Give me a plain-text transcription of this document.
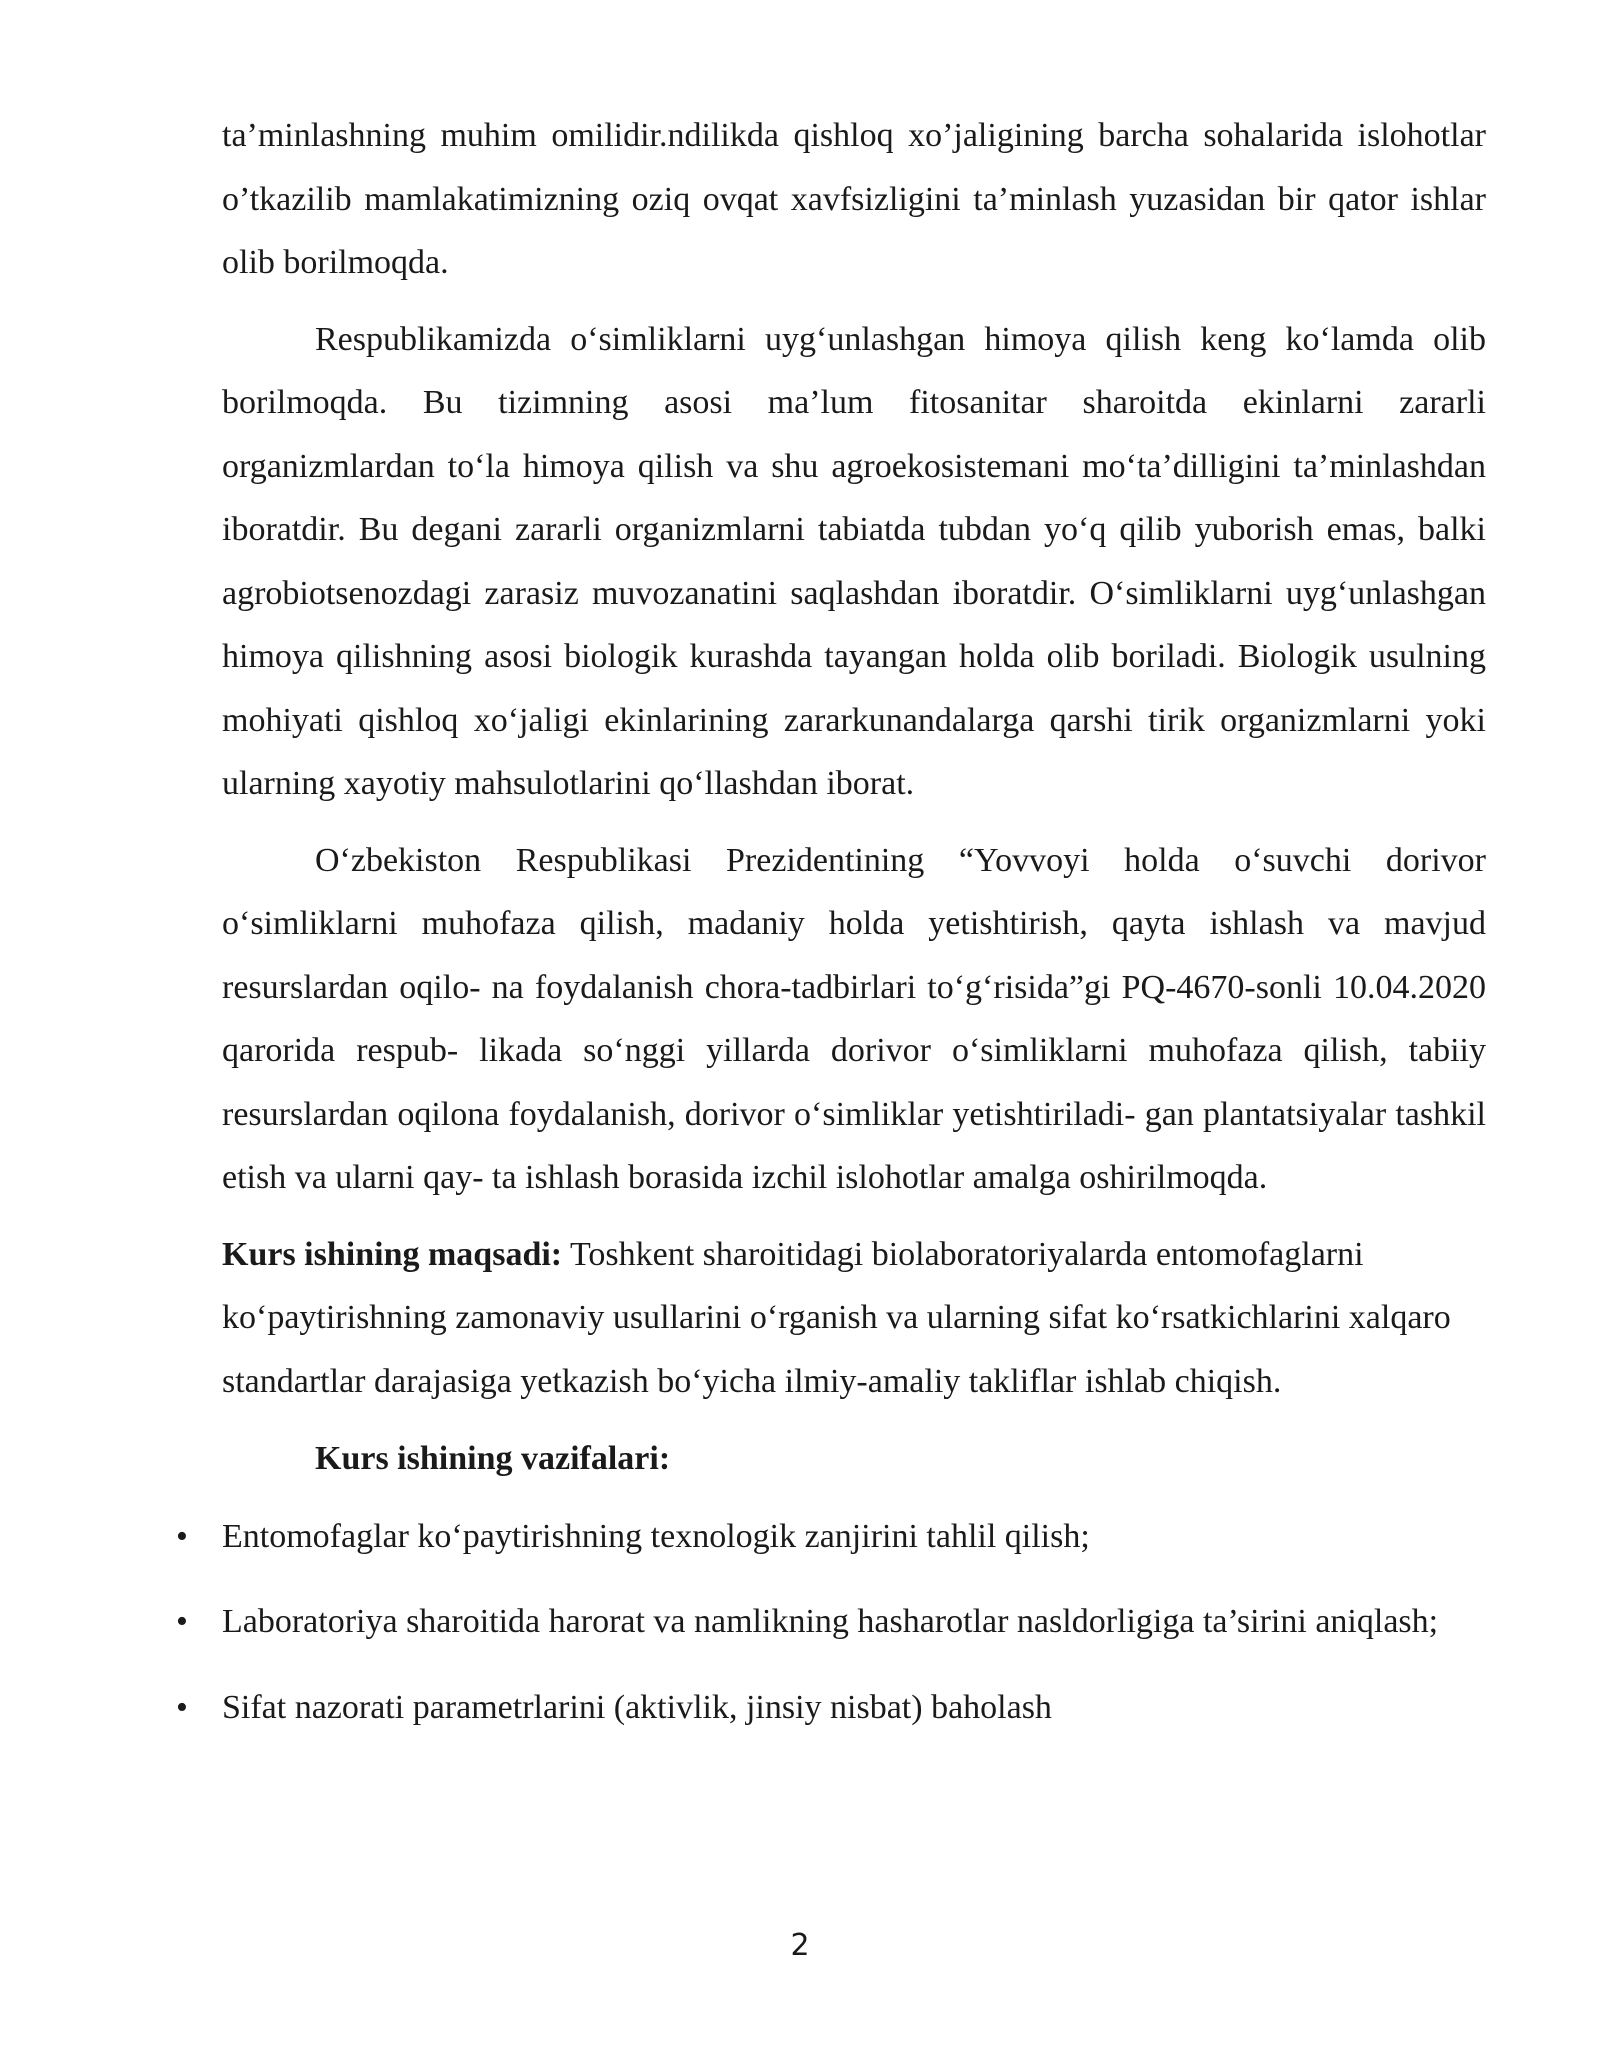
ta’minlashning muhim omilidir.ndilikda qishloq xo’jaligining barcha sohalarida islohotlar o’tkazilib mamlakatimizning oziq ovqat xavfsizligini ta’minlash yuzasidan bir qator ishlar olib borilmoqda.

Respublikamizda o‘simliklarni uyg‘unlashgan himoya qilish keng ko‘lamda olib borilmoqda. Bu tizimning asosi ma’lum fitosanitar sharoitda ekinlarni zararli organizmlardan to‘la himoya qilish va shu agroekosistemani mo‘ta’dilligini ta’minlashdan iboratdir. Bu degani zararli organizmlarni tabiatda tubdan yo‘q qilib yuborish emas, balki agrobiotsenozdagi zarasiz muvozanatini saqlashdan iboratdir. O‘simliklarni uyg‘unlashgan himoya qilishning asosi biologik kurashda tayangan holda olib boriladi. Biologik usulning mohiyati qishloq xo‘jaligi ekinlarining zararkunandalarga qarshi tirik organizmlarni yoki ularning xayotiy mahsulotlarini qo‘llashdan iborat.

O‘zbekiston Respublikasi Prezidentining “Yovvoyi holda o‘suvchi dorivor o‘simliklarni muhofaza qilish, madaniy holda yetishtirish, qayta ishlash va mavjud resurslardan oqilo- na foydalanish chora-tadbirlari to‘g‘risida”gi PQ-4670-sonli 10.04.2020 qarorida respub- likada so‘nggi yillarda dorivor o‘simliklarni muhofaza qilish, tabiiy resurslardan oqilona foydalanish, dorivor o‘simliklar yetishtiriladi- gan plantatsiyalar tashkil etish va ularni qay- ta ishlash borasida izchil islohotlar amalga oshirilmoqda.

Kurs ishining maqsadi: Toshkent sharoitidagi biolaboratoriyalarda entomofaglarni ko‘paytirishning zamonaviy usullarini o‘rganish va ularning sifat ko‘rsatkichlarini xalqaro standartlar darajasiga yetkazish bo‘yicha ilmiy-amaliy takliflar ishlab chiqish.

Kurs ishining vazifalari:

• Entomofaglar ko‘paytirishning texnologik zanjirini tahlil qilish;
• Laboratoriya sharoitida harorat va namlikning hasharotlar nasldorligiga ta’sirini aniqlash;
• Sifat nazorati parametrlarini (aktivlik, jinsiy nisbat) baholash
2
